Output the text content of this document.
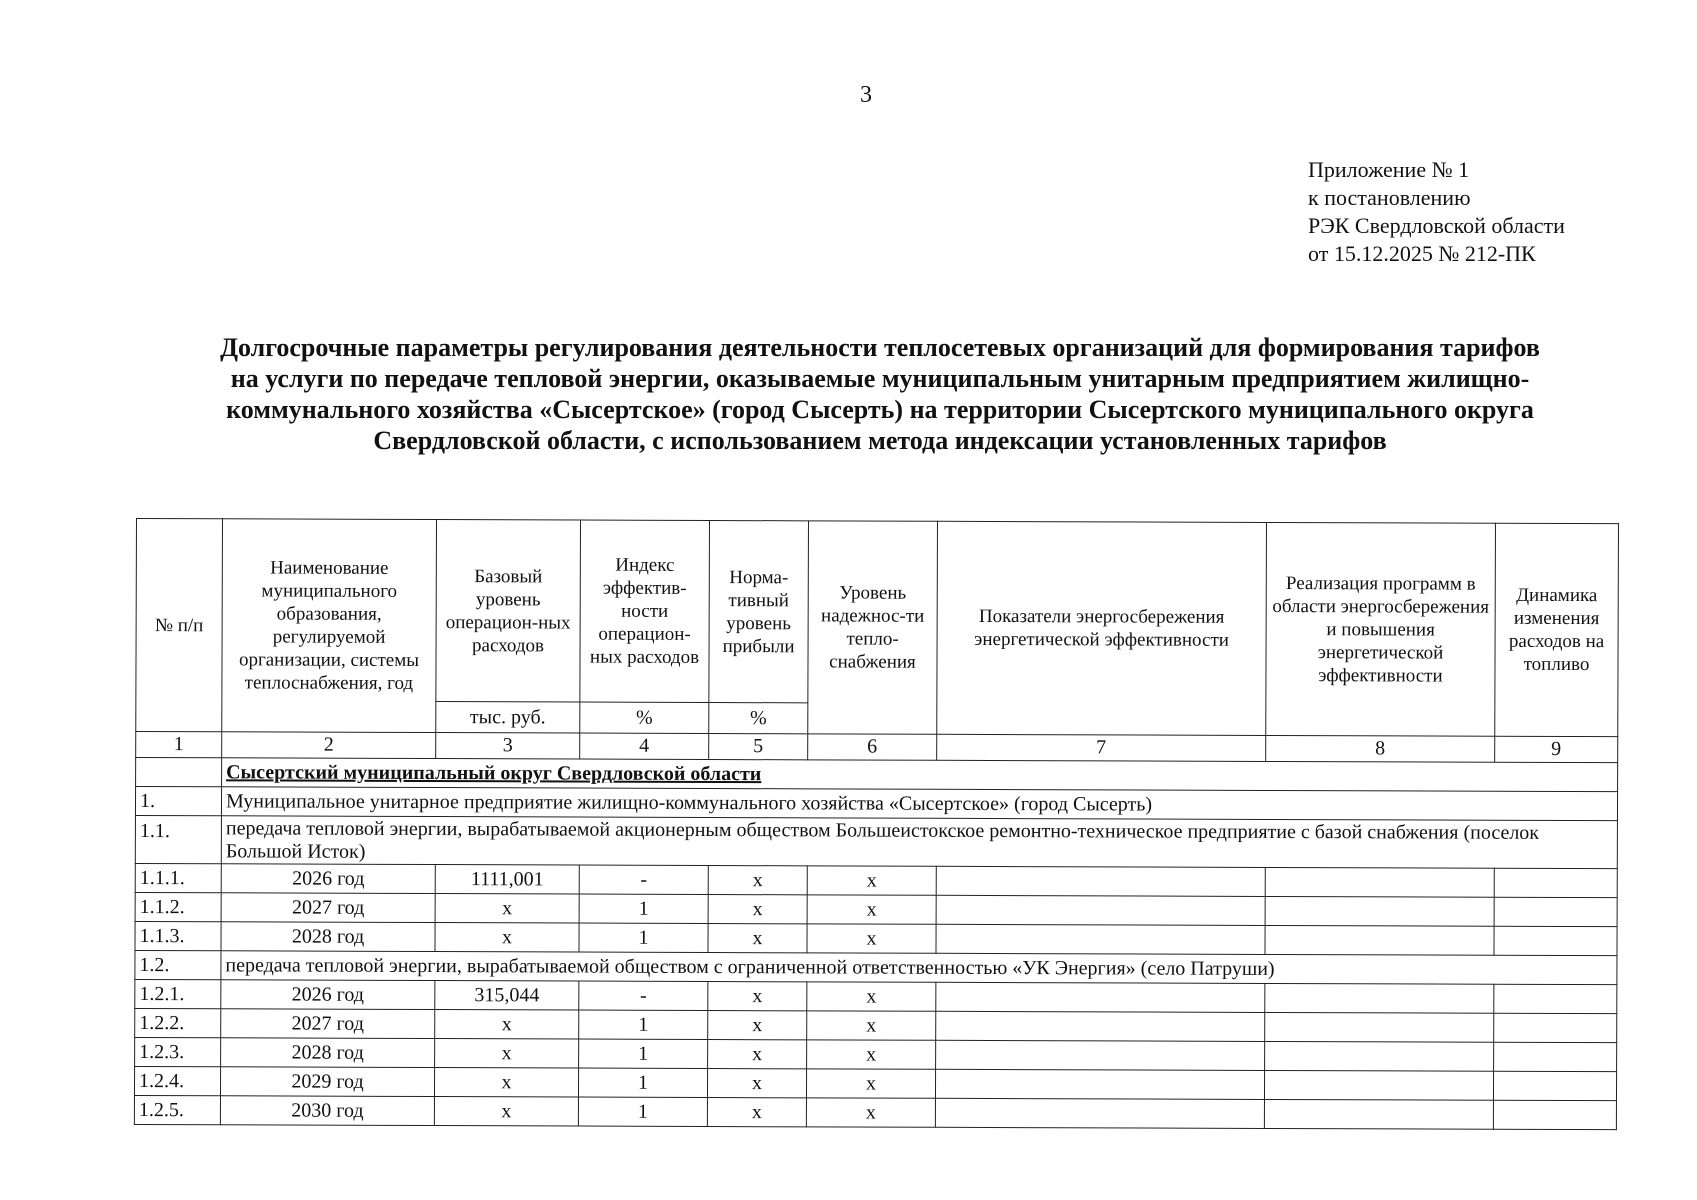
3
Приложение № 1
к постановлению
РЭК Свердловской области
от 15.12.2025 № 212-ПК
Долгосрочные параметры регулирования деятельности теплосетевых организаций для формирования тарифов
на услуги по передаче тепловой энергии, оказываемые муниципальным унитарным предприятием жилищно-
коммунального хозяйства «Сысертское» (город Сысерть) на территории Сысертского муниципального округа
Свердловской области, с использованием метода индексации установленных тарифов
№ п/п	Наименование муниципального образования, регулируемой организации, системы теплоснабжения, год	Базовый уровень операцион-ных расходов	Индекс эффектив-ности операцион-ных расходов	Норма-тивный уровень прибыли	Уровень надежнос-ти тепло-снабжения	Показатели энергосбережения энергетической эффективности	Реализация программ в области энергосбережения и повышения энергетической эффективности	Динамика изменения расходов на топливо
		тыс. руб.	%	%				
1	2	3	4	5	6	7	8	9
	Сысертский муниципальный округ Свердловской области							
1.	Муниципальное унитарное предприятие жилищно-коммунального хозяйства «Сысертское» (город Сысерть)							
1.1.	передача тепловой энергии, вырабатываемой акционерным обществом Большеистокское ремонтно-техническое предприятие с базой снабжения (поселок Большой Исток)							
1.1.1.	2026 год	1111,001	-	x	x			
1.1.2.	2027 год	x	1	x	x			
1.1.3.	2028 год	x	1	x	x			
1.2.	передача тепловой энергии, вырабатываемой обществом с ограниченной ответственностью «УК Энергия» (село Патруши)							
1.2.1.	2026 год	315,044	-	x	x			
1.2.2.	2027 год	x	1	x	x			
1.2.3.	2028 год	x	1	x	x			
1.2.4.	2029 год	x	1	x	x			
1.2.5.	2030 год	x	1	x	x			
